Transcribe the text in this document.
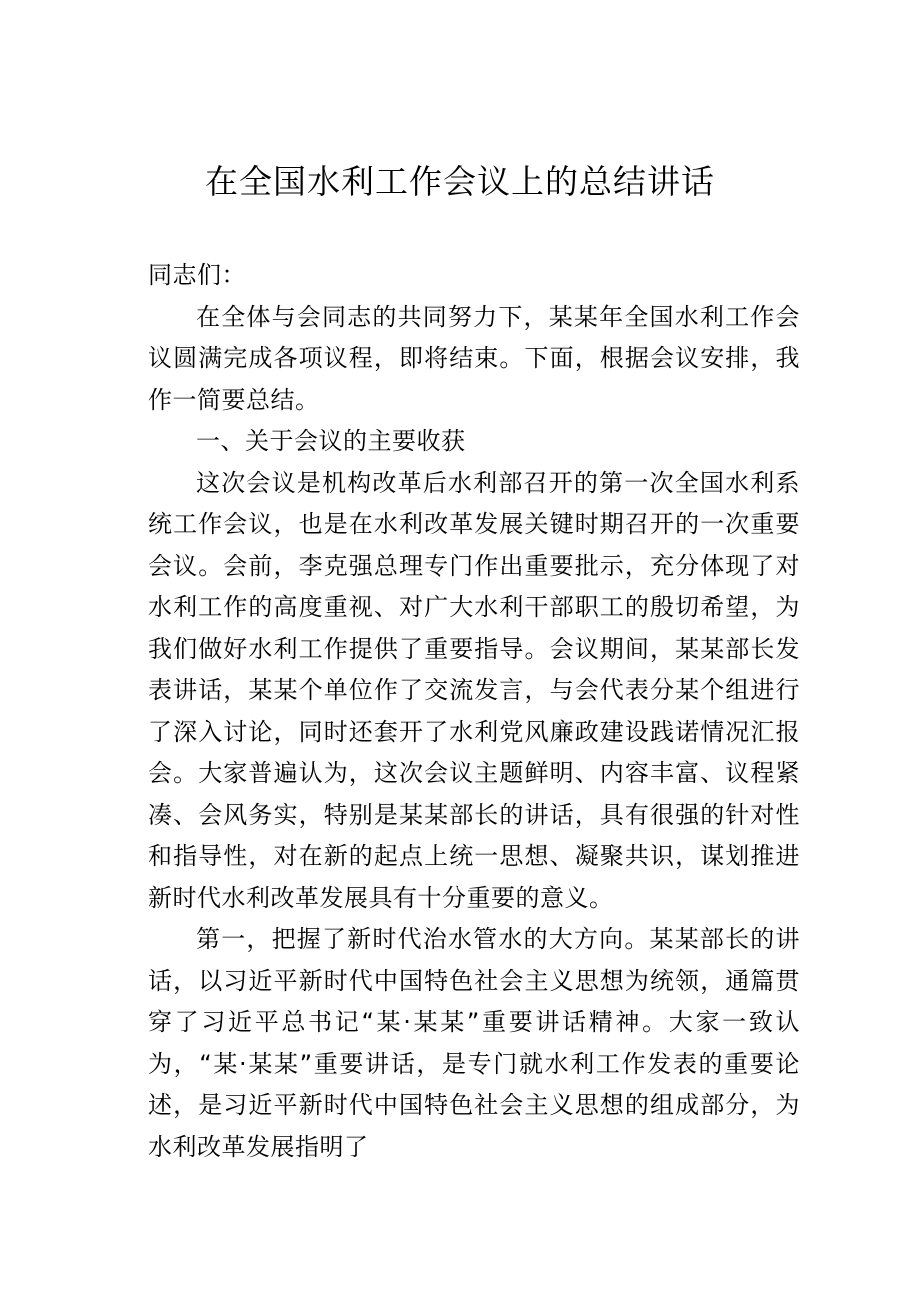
在全国水利工作会议上的总结讲话

同志们：

在全体与会同志的共同努力下，某某年全国水利工作会议圆满完成各项议程，即将结束。下面，根据会议安排，我作一简要总结。

一、关于会议的主要收获

这次会议是机构改革后水利部召开的第一次全国水利系统工作会议，也是在水利改革发展关键时期召开的一次重要会议。会前，李克强总理专门作出重要批示，充分体现了对水利工作的高度重视、对广大水利干部职工的殷切希望，为我们做好水利工作提供了重要指导。会议期间，某某部长发表讲话，某某个单位作了交流发言，与会代表分某个组进行了深入讨论，同时还套开了水利党风廉政建设践诺情况汇报会。大家普遍认为，这次会议主题鲜明、内容丰富、议程紧凑、会风务实，特别是某某部长的讲话，具有很强的针对性和指导性，对在新的起点上统一思想、凝聚共识，谋划推进新时代水利改革发展具有十分重要的意义。

第一，把握了新时代治水管水的大方向。某某部长的讲话，以习近平新时代中国特色社会主义思想为统领，通篇贯穿了习近平总书记“某·某某”重要讲话精神。大家一致认为，“某·某某”重要讲话，是专门就水利工作发表的重要论述，是习近平新时代中国特色社会主义思想的组成部分，为水利改革发展指明了
